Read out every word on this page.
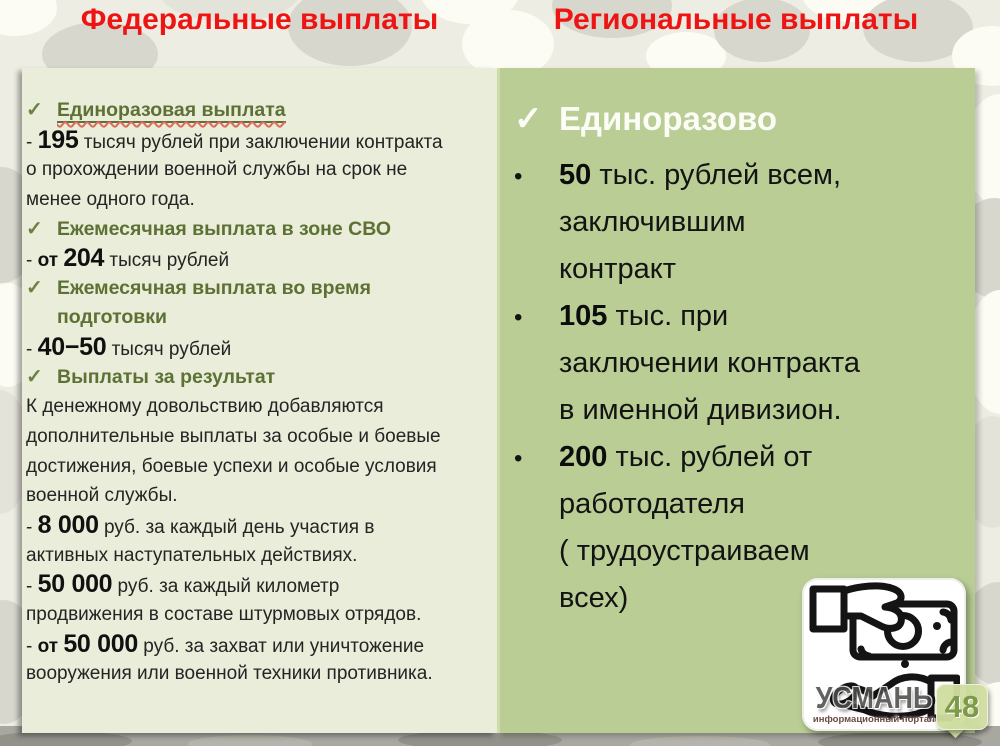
Федеральные выплаты	Региональные выплаты
✓ Единоразовая выплата
- 195 тысяч рублей при заключении контракта
о прохождении военной службы на срок не
менее одного года.
✓ Ежемесячная выплата в зоне СВО
- от 204 тысяч рублей
✓ Ежемесячная выплата во время
подготовки
- 40−50 тысяч рублей
✓ Выплаты за результат
К денежному довольствию добавляются
дополнительные выплаты за особые и боевые
достижения, боевые успехи и особые условия
военной службы.
- 8 000 руб. за каждый день участия в
активных наступательных действиях.
- 50 000 руб. за каждый километр
продвижения в составе штурмовых отрядов.
- от 50 000 руб. за захват или уничтожение
вооружения или военной техники противника.
✓ Единоразово
• 50 тыс. рублей всем,
заключившим
контракт
• 105 тыс. при
заключении контракта
в именной дивизион.
• 200 тыс. рублей от
работодателя
( трудоустраиваем
всех)
УСМАНЬ
информационный портал 48
